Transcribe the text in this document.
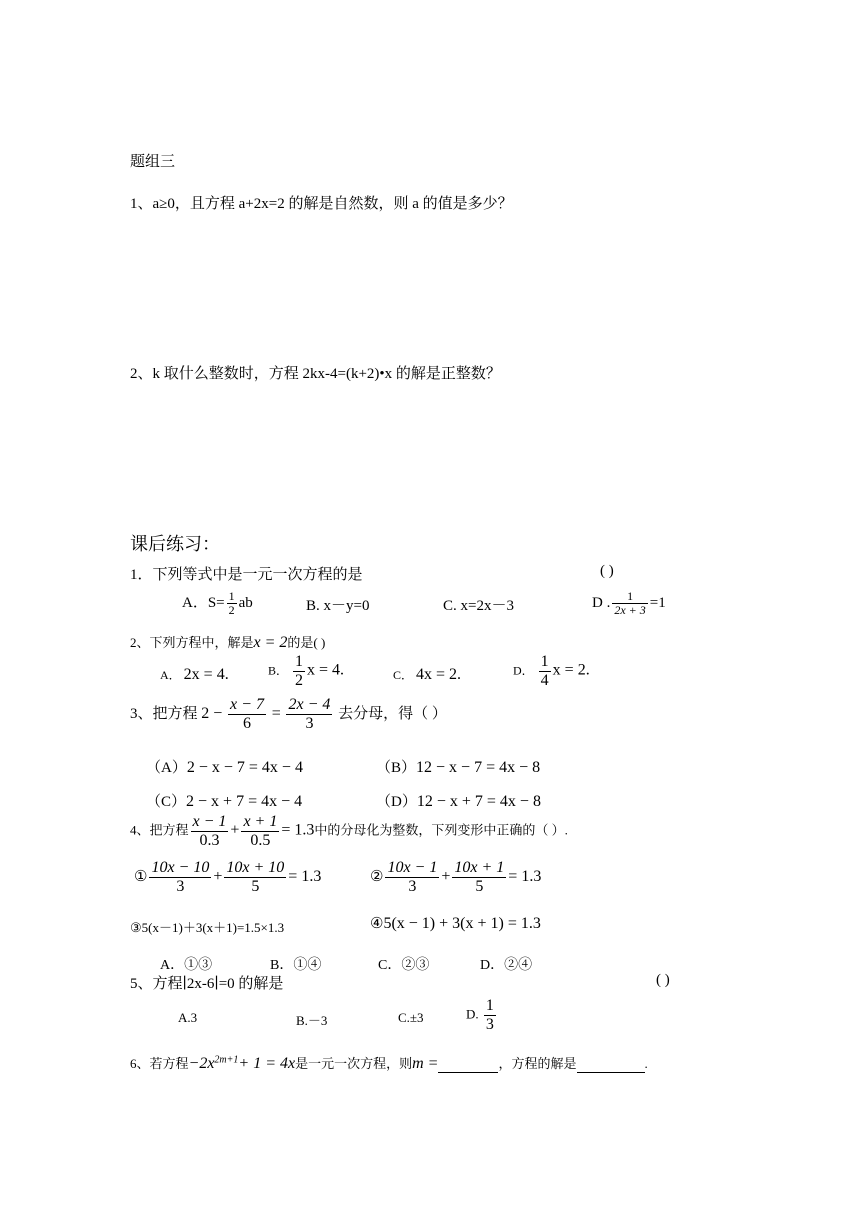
题组三
1、a≥0，且方程 a+2x=2 的解是自然数，则 a 的值是多少？
2、k 取什么整数时，方程 2kx-4=(k+2)•x 的解是正整数？
课后练习：
1．下列等式中是一元一次方程的是	( )
A．$S= \frac{1}{2}$ ab	B. x－y=0	C. x=2x－3	D . $\frac{1}{2x + 3} =1$
2、下列方程中，解是x = 2的是( )
A． 2x = 4.	B． $\frac{1}{2}$ x = 4.	C． 4x = 2.	D． $\frac{1}{4}$ x = 2.
3、把方程 $2 - \frac{x - 7}{6} = \frac{2x - 4}{3}$ 去分母，得（ ）
（A）2 − x − 7 = 4x − 4	（B）12 − x − 7 = 4x − 8
（C）2 − x + 7 = 4x − 4	（D）12 − x + 7 = 4x − 8
4、把方程 $\frac{x - 1}{0.3} + \frac{x + 1}{0.5} = 1.3$中的分母化为整数，下列变形中正确的（ ）.
① $\frac{10x - 10}{3} + \frac{10x + 10}{5} = 1.3$	② $\frac{10x - 1}{3} + \frac{10x + 1}{5} = 1.3$
③5(x－1)＋3(x＋1)=1.5×1.3	④5(x − 1) + 3(x + 1) = 1.3
A．①③	B．①④	C．②③	D．②④
5、方程∣2x-6∣=0 的解是	( )
A.3	B.－3	C.±3	D. $\frac{1}{3}$
6、若方程$-2x^{2m+1}+ 1 = 4x$是一元一次方程，则m =	，方程的解是	.
